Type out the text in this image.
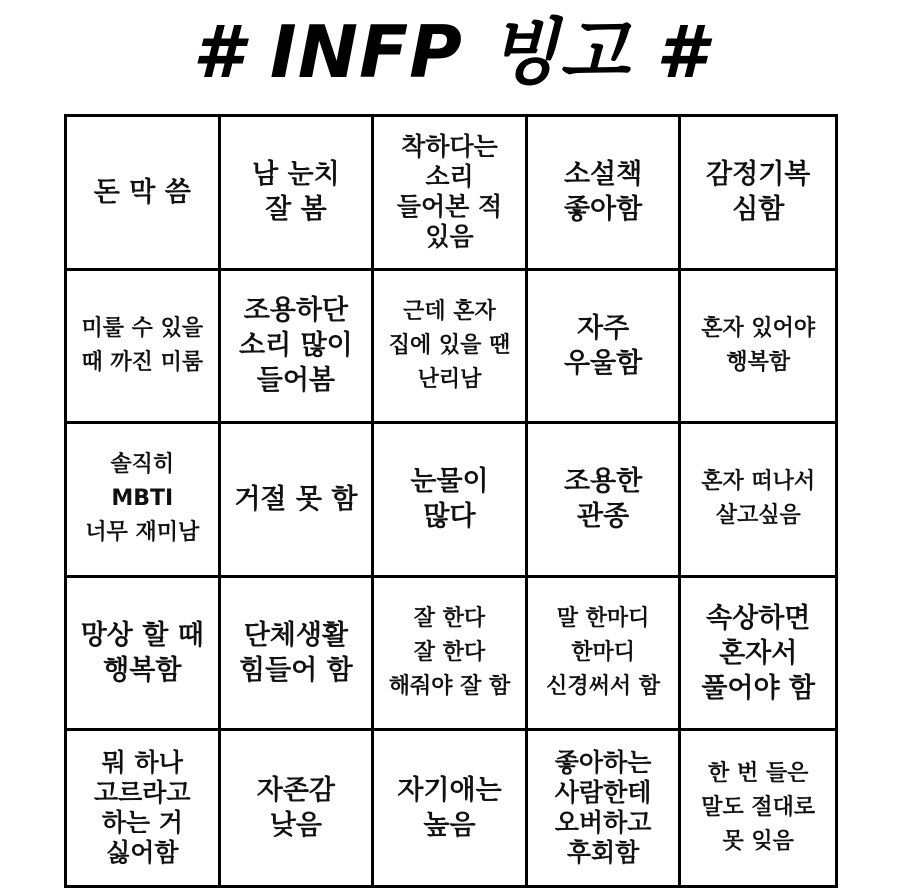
# INFP 빙고 #
돈 막 씀
남 눈치
잘 봄
착하다는
소리
들어본 적
있음
소설책
좋아함
감정기복
심함
미룰 수 있을
때 까진 미룸
조용하단
소리 많이
들어봄
근데 혼자
집에 있을 땐
난리남
자주
우울함
혼자 있어야
행복함
솔직히
MBTI
너무 재미남
거절 못 함
눈물이
많다
조용한
관종
혼자 떠나서
살고싶음
망상 할 때
행복함
단체생활
힘들어 함
잘 한다
잘 한다
해줘야 잘 함
말 한마디
한마디
신경써서 함
속상하면
혼자서
풀어야 함
뭐 하나
고르라고
하는 거
싫어함
자존감
낮음
자기애는
높음
좋아하는
사람한테
오버하고
후회함
한 번 들은
말도 절대로
못 잊음
